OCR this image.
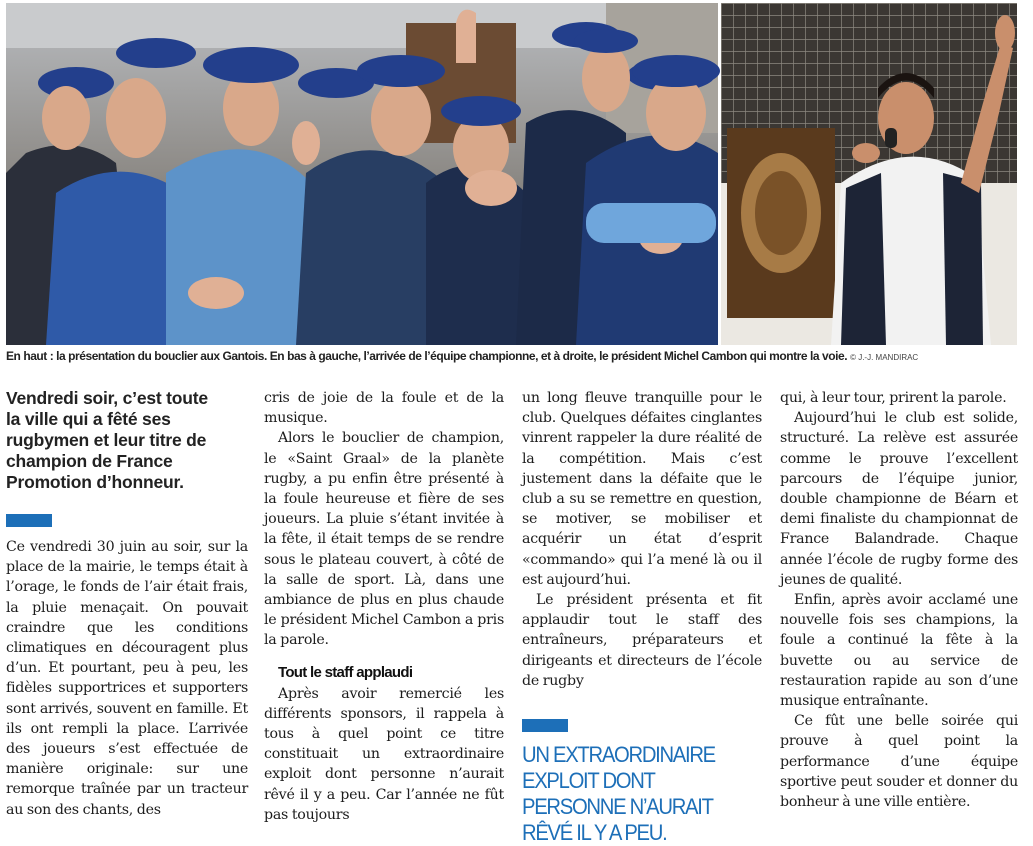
En haut : la présentation du bouclier aux Gantois. En bas à gauche, l’arrivée de l’équipe championne, et à droite, le président Michel Cambon qui montre la voie. © J.-J. MANDIRAC
Vendredi soir, c’est toute la ville qui a fêté ses rugbymen et leur titre de champion de France Promotion d’honneur.

Ce vendredi 30 juin au soir, sur la place de la mairie, le temps était à l’orage, le fonds de l’air était frais, la pluie menaçait. On pouvait craindre que les conditions climatiques en découragent plus d’un. Et pourtant, peu à peu, les fidèles supportrices et supporters sont arrivés, souvent en famille. Et ils ont rempli la place. L’arrivée des joueurs s’est effectuée de manière originale: sur une remorque traînée par un tracteur au son des chants, des

cris de joie de la foule et de la musique.

Alors le bouclier de champion, le «Saint Graal» de la planète rugby, a pu enfin être présenté à la foule heureuse et fière de ses joueurs. La pluie s’étant invitée à la fête, il était temps de se rendre sous le plateau couvert, à côté de la salle de sport. Là, dans une ambiance de plus en plus chaude le président Michel Cambon a pris la parole.

Tout le staff applaudi

Après avoir remercié les différents sponsors, il rappela à tous à quel point ce titre constituait un extraordinaire exploit dont personne n’aurait rêvé il y a peu. Car l’année ne fût pas toujours

un long fleuve tranquille pour le club. Quelques défaites cinglantes vinrent rappeler la dure réalité de la compétition. Mais c’est justement dans la défaite que le club a su se remettre en question, se motiver, se mobiliser et acquérir un état d’esprit «commando» qui l’a mené là ou il est aujourd’hui.

Le président présenta et fit applaudir tout le staff des entraîneurs, préparateurs et dirigeants et directeurs de l’école de rugby

UN EXTRAORDINAIRE EXPLOIT DONT PERSONNE N’AURAIT RÊVÉ IL Y A PEU.

qui, à leur tour, prirent la parole.

Aujourd’hui le club est solide, structuré. La relève est assurée comme le prouve l’excellent parcours de l’équipe junior, double championne de Béarn et demi finaliste du championnat de France Balandrade. Chaque année l’école de rugby forme des jeunes de qualité.

Enfin, après avoir acclamé une nouvelle fois ses champions, la foule a continué la fête à la buvette ou au service de restauration rapide au son d’une musique entraînante.

Ce fût une belle soirée qui prouve à quel point la performance d’une équipe sportive peut souder et donner du bonheur à une ville entière.
